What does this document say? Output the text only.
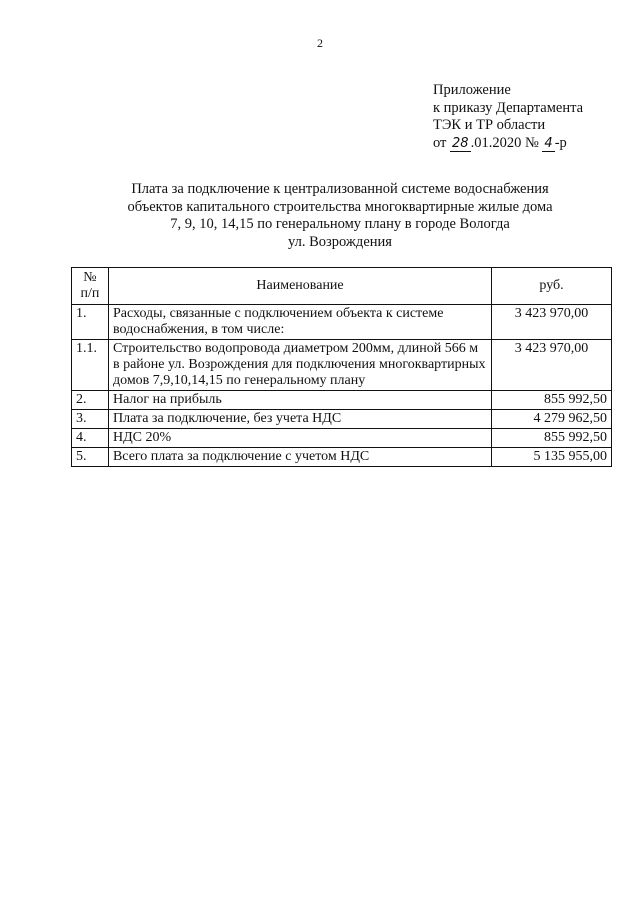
2
Приложение
к приказу Департамента
ТЭК и ТР области
от 28 .01.2020 № 4 -р
Плата за подключение к централизованной системе водоснабжения
объектов капитального строительства многоквартирные жилые дома
7, 9, 10, 14,15 по генеральному плану в городе Вологда
ул. Возрождения
№
п/п	Наименование	руб.
1.	Расходы, связанные с подключением объекта к системе водоснабжения, в том числе:	3 423 970,00
1.1.	Строительство водопровода диаметром 200мм, длиной 566 м в районе ул. Возрождения для подключения многоквартирных домов 7,9,10,14,15 по генеральному плану	3 423 970,00
2.	Налог на прибыль	855 992,50
3.	Плата за подключение, без учета НДС	4 279 962,50
4.	НДС 20%	855 992,50
5.	Всего плата за подключение с учетом НДС	5 135 955,00
